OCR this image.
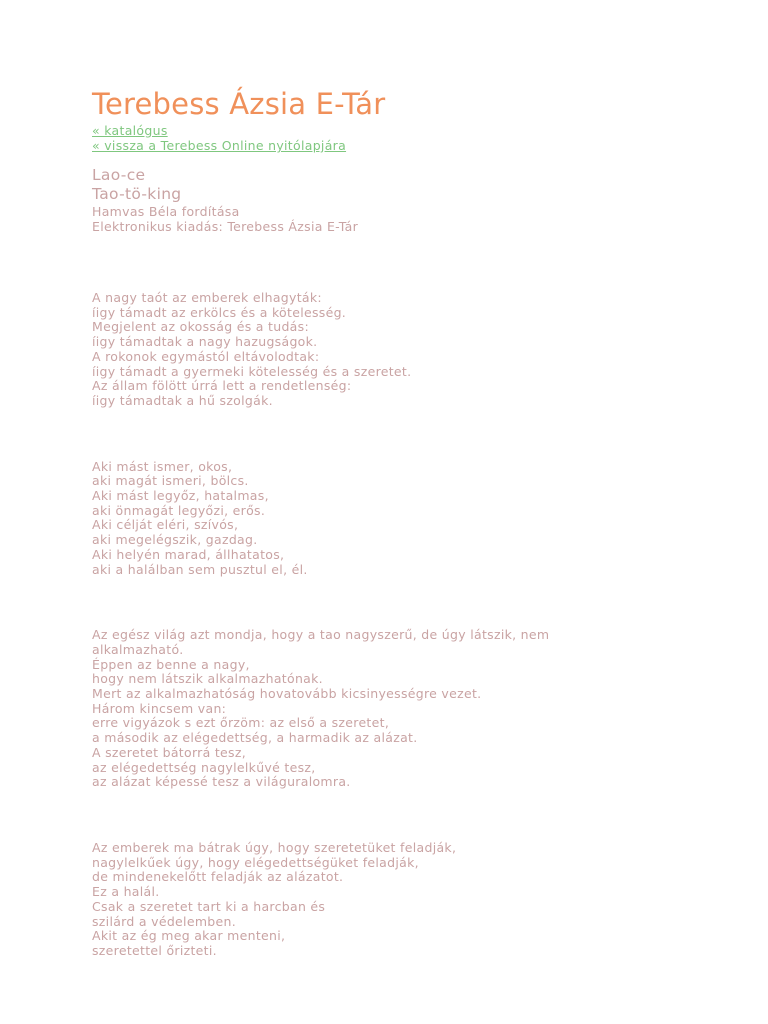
Terebess Ázsia E-Tár
« katalógus
« vissza a Terebess Online nyitólapjára
Lao-ce
Tao-tö-king
Hamvas Béla fordítása
Elektronikus kiadás: Terebess Ázsia E-Tár

A nagy taót az emberek elhagyták:
íigy támadt az erkölcs és a kötelesség.
Megjelent az okosság és a tudás:
íigy támadtak a nagy hazugságok.
A rokonok egymástól eltávolodtak:
íigy támadt a gyermeki kötelesség és a szeretet.
Az állam fölött úrrá lett a rendetlenség:
íigy támadtak a hű szolgák.

Aki mást ismer, okos,
aki magát ismeri, bölcs.
Aki mást legyőz, hatalmas,
aki önmagát legyőzi, erős.
Aki célját eléri, szívós,
aki megelégszik, gazdag.
Aki helyén marad, állhatatos,
aki a halálban sem pusztul el, él.

Az egész világ azt mondja, hogy a tao nagyszerű, de úgy látszik, nem
alkalmazható.
Éppen az benne a nagy,
hogy nem látszik alkalmazhatónak.
Mert az alkalmazhatóság hovatovább kicsinyességre vezet.
Három kincsem van:
erre vigyázok s ezt őrzöm: az első a szeretet,
a második az elégedettség, a harmadik az alázat.
A szeretet bátorrá tesz,
az elégedettség nagylelkűvé tesz,
az alázat képessé tesz a világuralomra.

Az emberek ma bátrak úgy, hogy szeretetüket feladják,
nagylelkűek úgy, hogy elégedettségüket feladják,
de mindenekelőtt feladják az alázatot.
Ez a halál.
Csak a szeretet tart ki a harcban és
szilárd a védelemben.
Akit az ég meg akar menteni,
szeretettel őrizteti.
